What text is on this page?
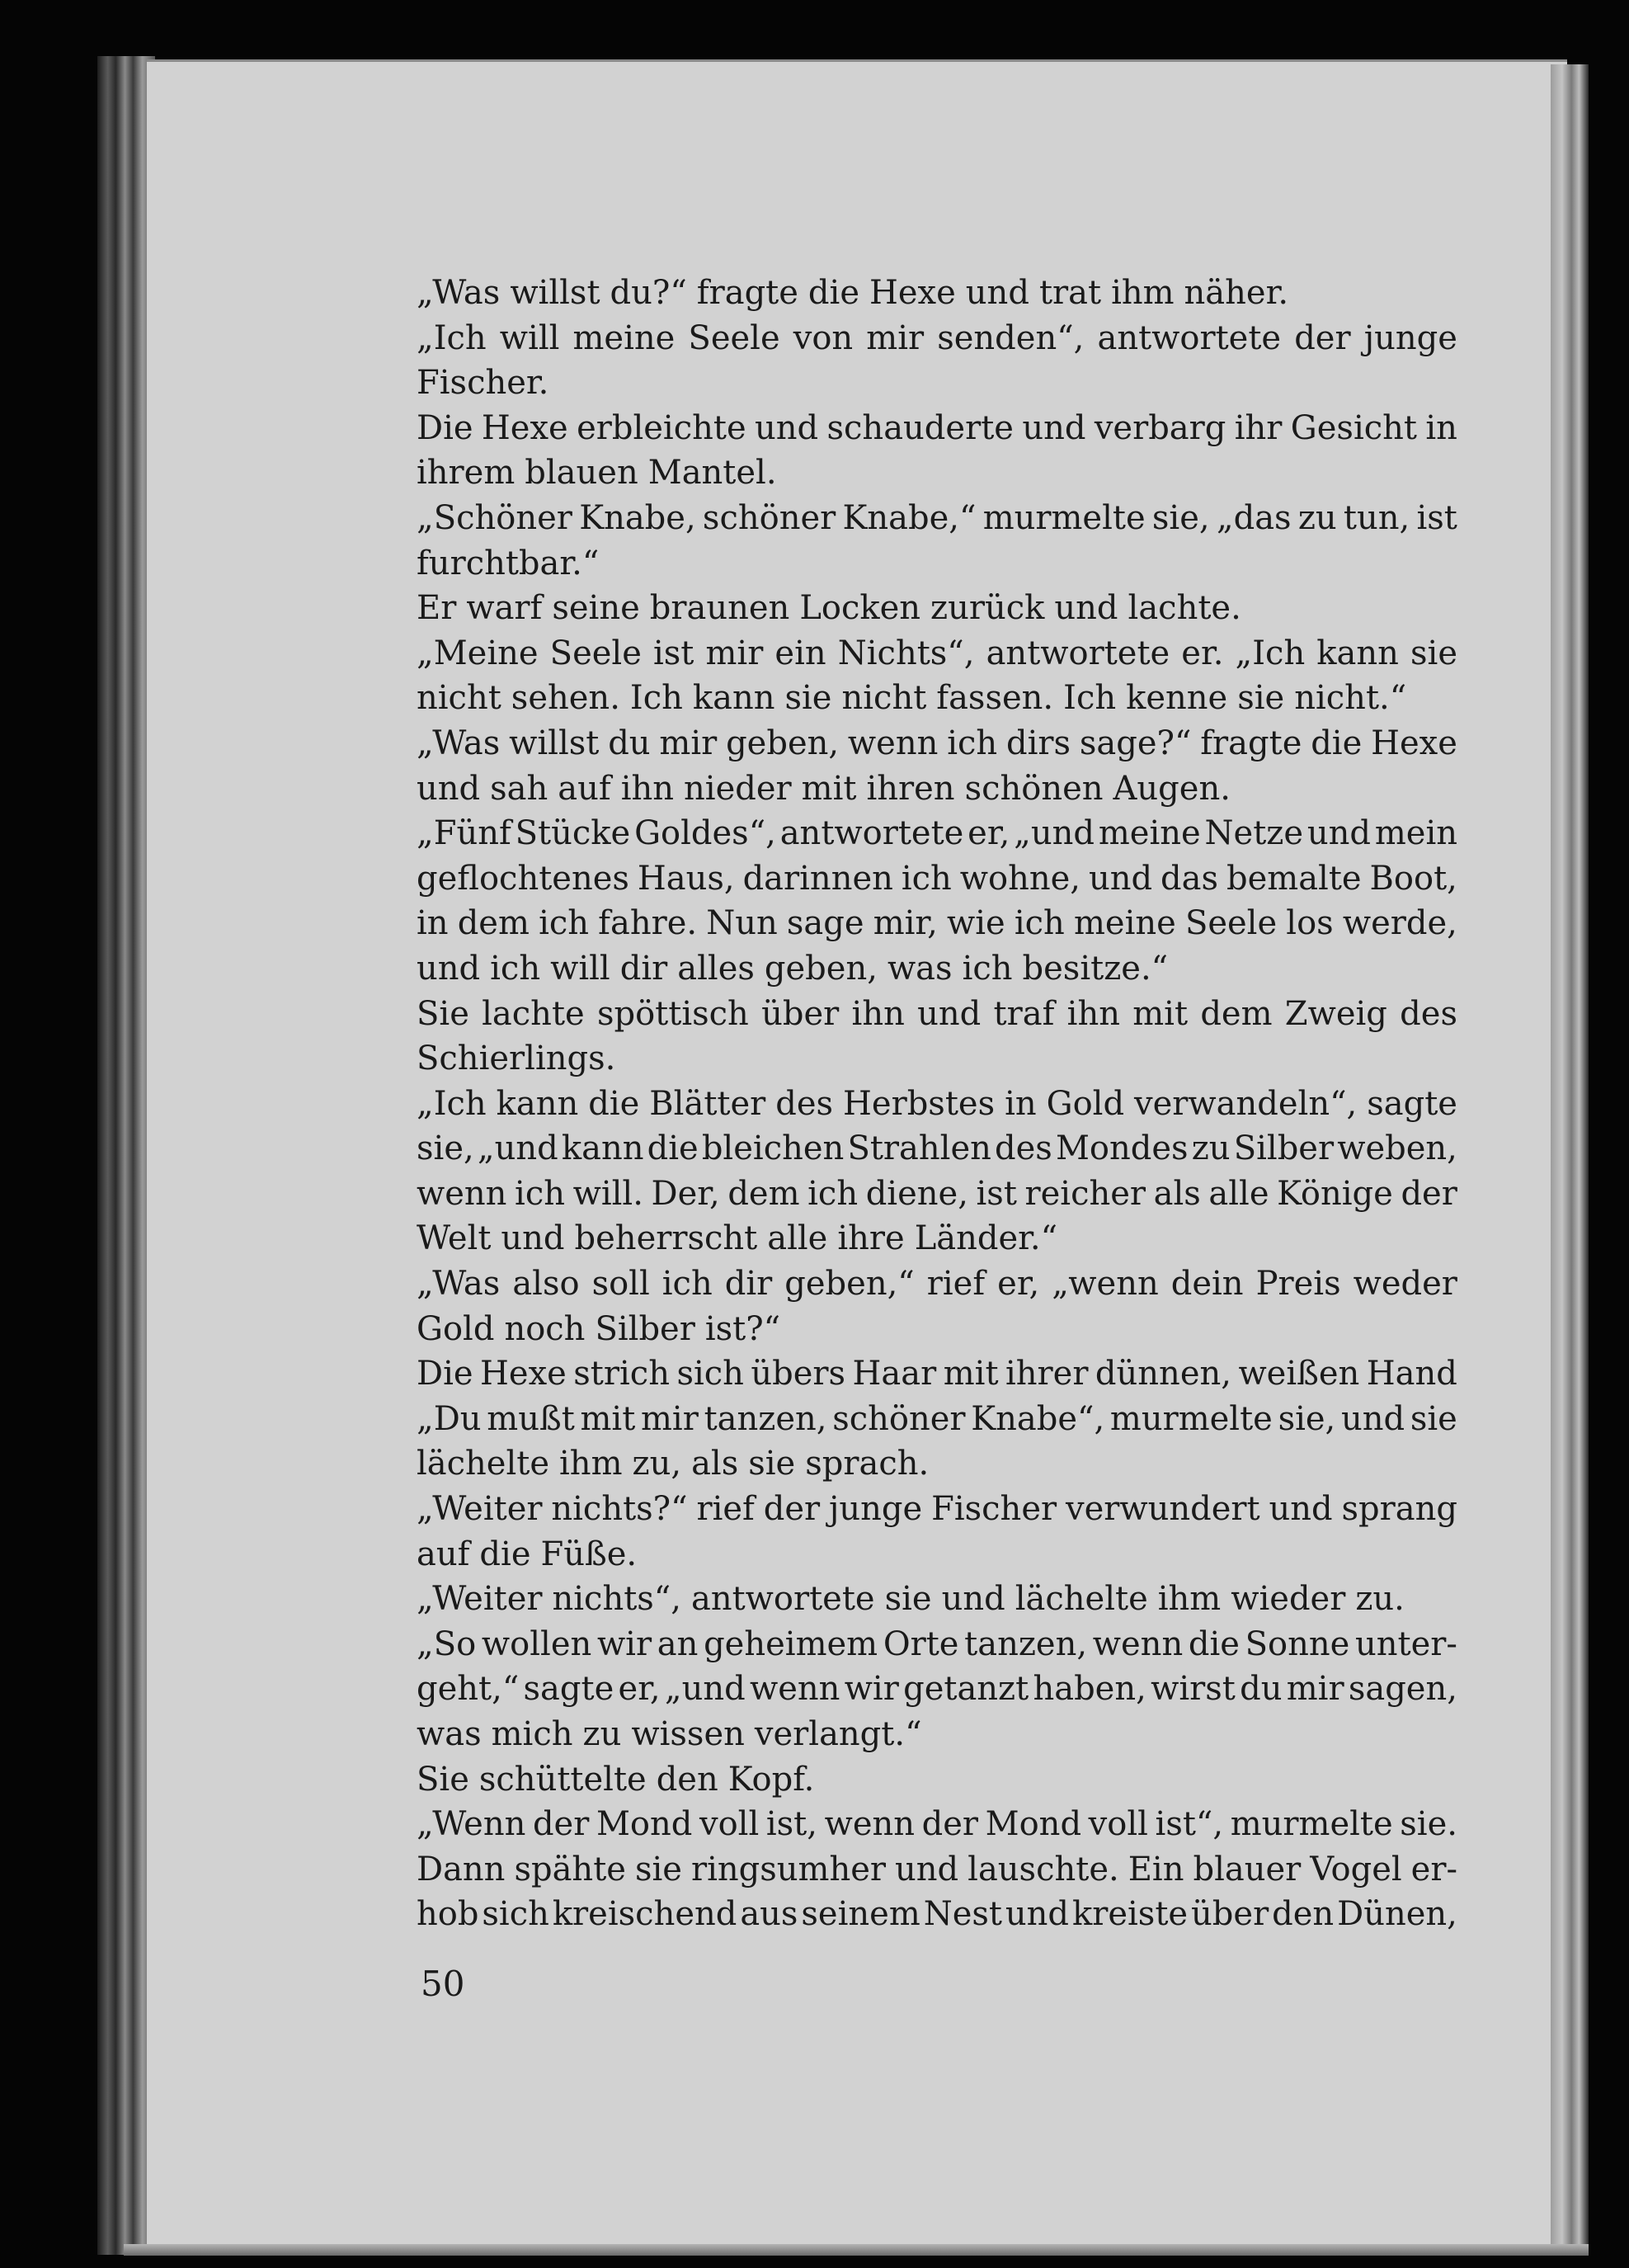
„Was willst du?“ fragte die Hexe und trat ihm näher.
„Ich will meine Seele von mir senden“, antwortete der junge
Fischer.
Die Hexe erbleichte und schauderte und verbarg ihr Gesicht in
ihrem blauen Mantel.
„Schöner Knabe, schöner Knabe,“ murmelte sie, „das zu tun, ist
furchtbar.“
Er warf seine braunen Locken zurück und lachte.
„Meine Seele ist mir ein Nichts“, antwortete er. „Ich kann sie
nicht sehen. Ich kann sie nicht fassen. Ich kenne sie nicht.“
„Was willst du mir geben, wenn ich dirs sage?“ fragte die Hexe
und sah auf ihn nieder mit ihren schönen Augen.
„Fünf Stücke Goldes“, antwortete er, „und meine Netze und mein
geflochtenes Haus, darinnen ich wohne, und das bemalte Boot,
in dem ich fahre. Nun sage mir, wie ich meine Seele los werde,
und ich will dir alles geben, was ich besitze.“
Sie lachte spöttisch über ihn und traf ihn mit dem Zweig des
Schierlings.
„Ich kann die Blätter des Herbstes in Gold verwandeln“, sagte
sie, „und kann die bleichen Strahlen des Mondes zu Silber weben,
wenn ich will. Der, dem ich diene, ist reicher als alle Könige der
Welt und beherrscht alle ihre Länder.“
„Was also soll ich dir geben,“ rief er, „wenn dein Preis weder
Gold noch Silber ist?“
Die Hexe strich sich übers Haar mit ihrer dünnen, weißen Hand
„Du mußt mit mir tanzen, schöner Knabe“, murmelte sie, und sie
lächelte ihm zu, als sie sprach.
„Weiter nichts?“ rief der junge Fischer verwundert und sprang
auf die Füße.
„Weiter nichts“, antwortete sie und lächelte ihm wieder zu.
„So wollen wir an geheimem Orte tanzen, wenn die Sonne unter-
geht,“ sagte er, „und wenn wir getanzt haben, wirst du mir sagen,
was mich zu wissen verlangt.“
Sie schüttelte den Kopf.
„Wenn der Mond voll ist, wenn der Mond voll ist“, murmelte sie.
Dann spähte sie ringsumher und lauschte. Ein blauer Vogel er-
hob sich kreischend aus seinem Nest und kreiste über den Dünen,
50
